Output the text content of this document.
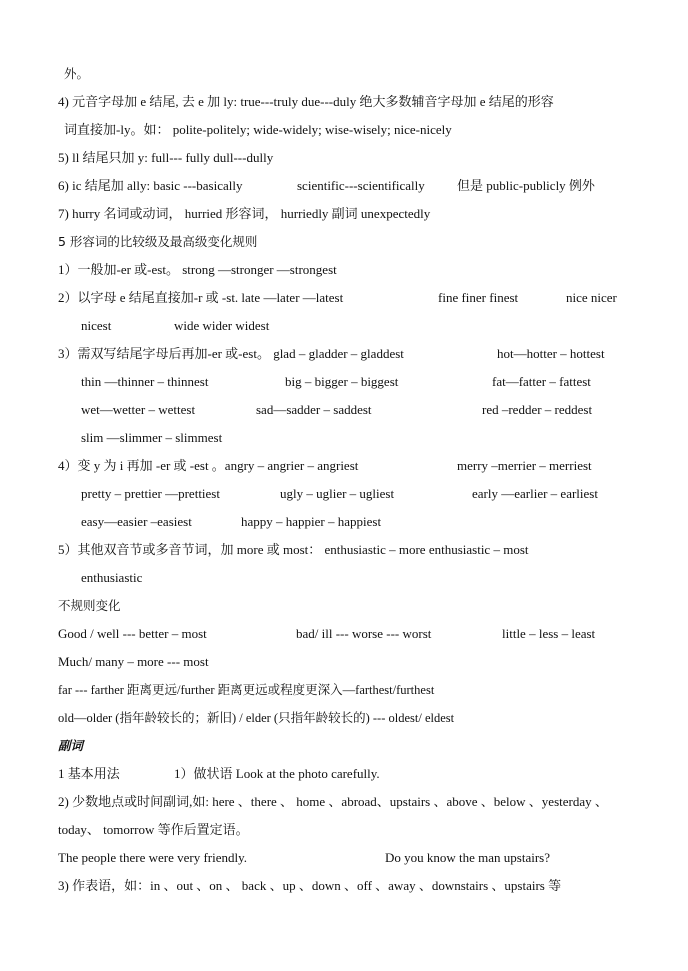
外。
4) 元音字母加 e 结尾, 去 e 加 ly: true---truly due---duly 绝大多数辅音字母加 e 结尾的形容
词直接加-ly。如： polite-politely; wide-widely; wise-wisely; nice-nicely
5) ll 结尾只加 y: full--- fully dull---dully
6) ic 结尾加 ally: basic ---basically	scientific---scientifically 但是 public-publicly 例外
7) hurry 名词或动词， hurried 形容词， hurriedly 副词 unexpectedly
5 形容词的比较级及最高级变化规则
1）一般加-er 或-est。 strong —stronger —strongest
2）以字母 e 结尾直接加-r 或 -st. late —later —latest	fine finer finest	nice nicer
nicest	wide wider widest
3）需双写结尾字母后再加-er 或-est。 glad – gladder – gladdest	hot—hotter – hottest
thin —thinner – thinnest	big – bigger – biggest	fat—fatter – fattest
wet—wetter – wettest	sad—sadder – saddest	red –redder – reddest
slim —slimmer – slimmest
4）变 y 为 i 再加 -er 或 -est 。angry – angrier – angriest	merry –merrier – merriest
pretty – prettier —prettiest	ugly – uglier – ugliest	early —earlier – earliest
easy—easier –easiest	happy – happier – happiest
5）其他双音节或多音节词，加 more 或 most： enthusiastic – more enthusiastic – most
enthusiastic
不规则变化
Good / well --- better – most	bad/ ill --- worse --- worst	little – less – least
Much/ many – more --- most
far --- farther 距离更远/further 距离更远或程度更深入—farthest/furthest
old—older (指年龄较长的；新旧) / elder (只指年龄较长的) --- oldest/ eldest
副词
1 基本用法	1）做状语 Look at the photo carefully.
2) 少数地点或时间副词,如: here 、there 、 home 、abroad、upstairs 、above 、below 、yesterday 、
today、 tomorrow 等作后置定语。
The people there were very friendly.	Do you know the man upstairs?
3) 作表语，如：in 、out 、on 、 back 、up 、down 、off 、away 、downstairs 、upstairs 等
